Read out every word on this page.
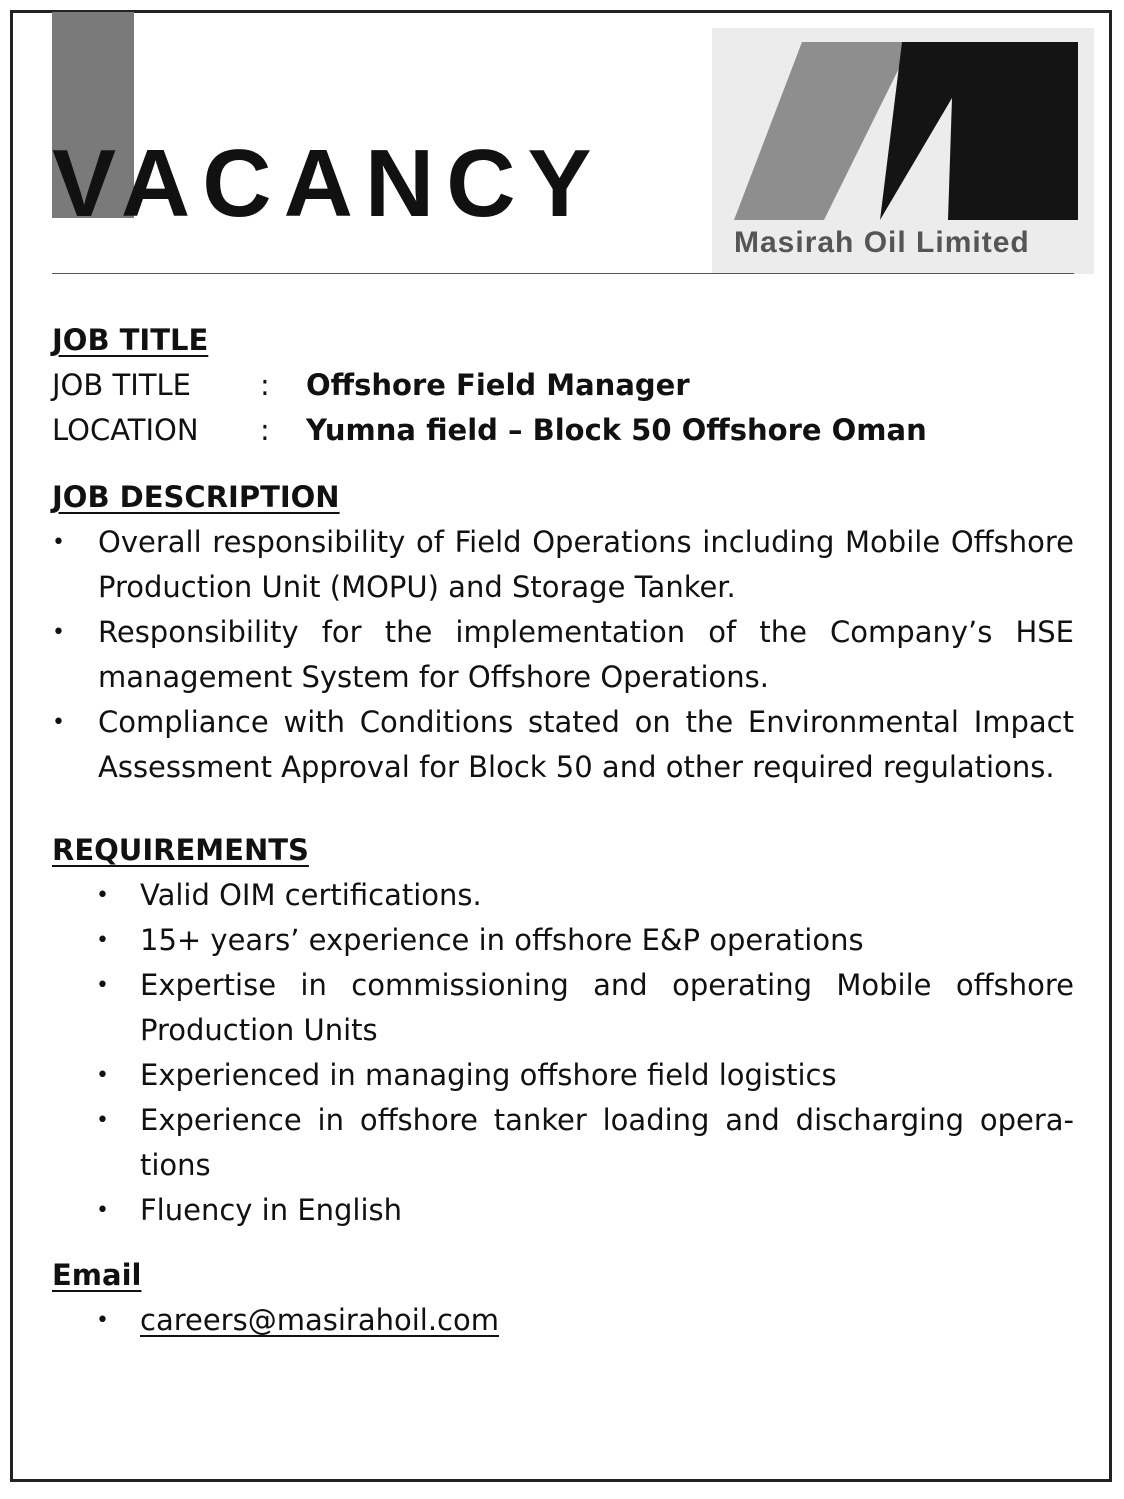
VACANCY
Masirah Oil Limited
JOB TITLE
JOB TITLE	:	Offshore Field Manager
LOCATION	:	Yumna field – Block 50 Offshore Oman
JOB DESCRIPTION
• Overall responsibility of Field Operations including Mobile Offshore Production Unit (MOPU) and Storage Tanker.
• Responsibility for the implementation of the Company’s HSE management System for Offshore Operations.
• Compliance with Conditions stated on the Environmental Impact Assessment Approval for Block 50 and other required regulations.
REQUIREMENTS
• Valid OIM certifications.
• 15+ years’ experience in offshore E&P operations
• Expertise in commissioning and operating Mobile offshore Production Units
• Experienced in managing offshore field logistics
• Experience in offshore tanker loading and discharging opera-tions
• Fluency in English
Email
• careers@masirahoil.com
